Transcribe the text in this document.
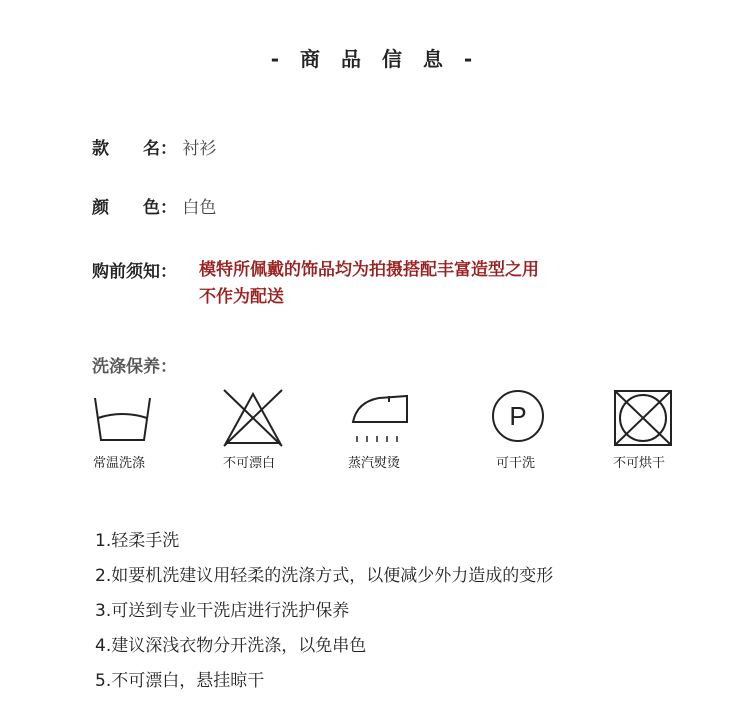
- 商 品 信 息 -
款　　名： 衬衫
颜　　色： 白色
购前须知： 模特所佩戴的饰品均为拍摄搭配丰富造型之用
不作为配送
洗涤保养：
常温洗涤	不可漂白	蒸汽熨烫
P
可干洗	不可烘干
1.轻柔手洗
2.如要机洗建议用轻柔的洗涤方式，以便减少外力造成的变形
3.可送到专业干洗店进行洗护保养
4.建议深浅衣物分开洗涤，以免串色
5.不可漂白，悬挂晾干
